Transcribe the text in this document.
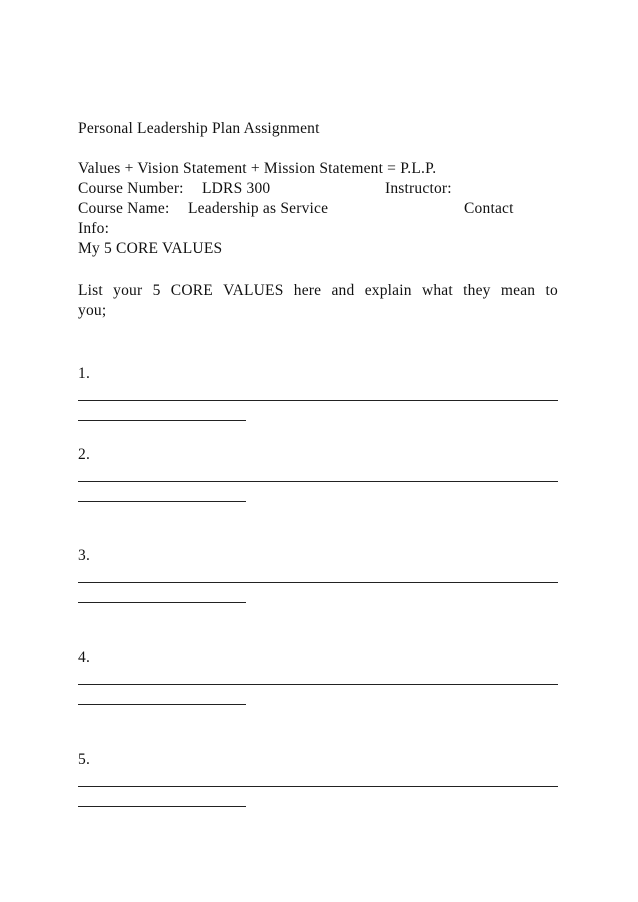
Personal Leadership Plan Assignment
Values + Vision Statement + Mission Statement = P.L.P.
Course Number: LDRS 300	Instructor:
Course Name: Leadership as Service	Contact
Info:
My 5 CORE VALUES
List your 5 CORE VALUES here and explain what they mean to
you;
1.
2.
3.
4.
5.
